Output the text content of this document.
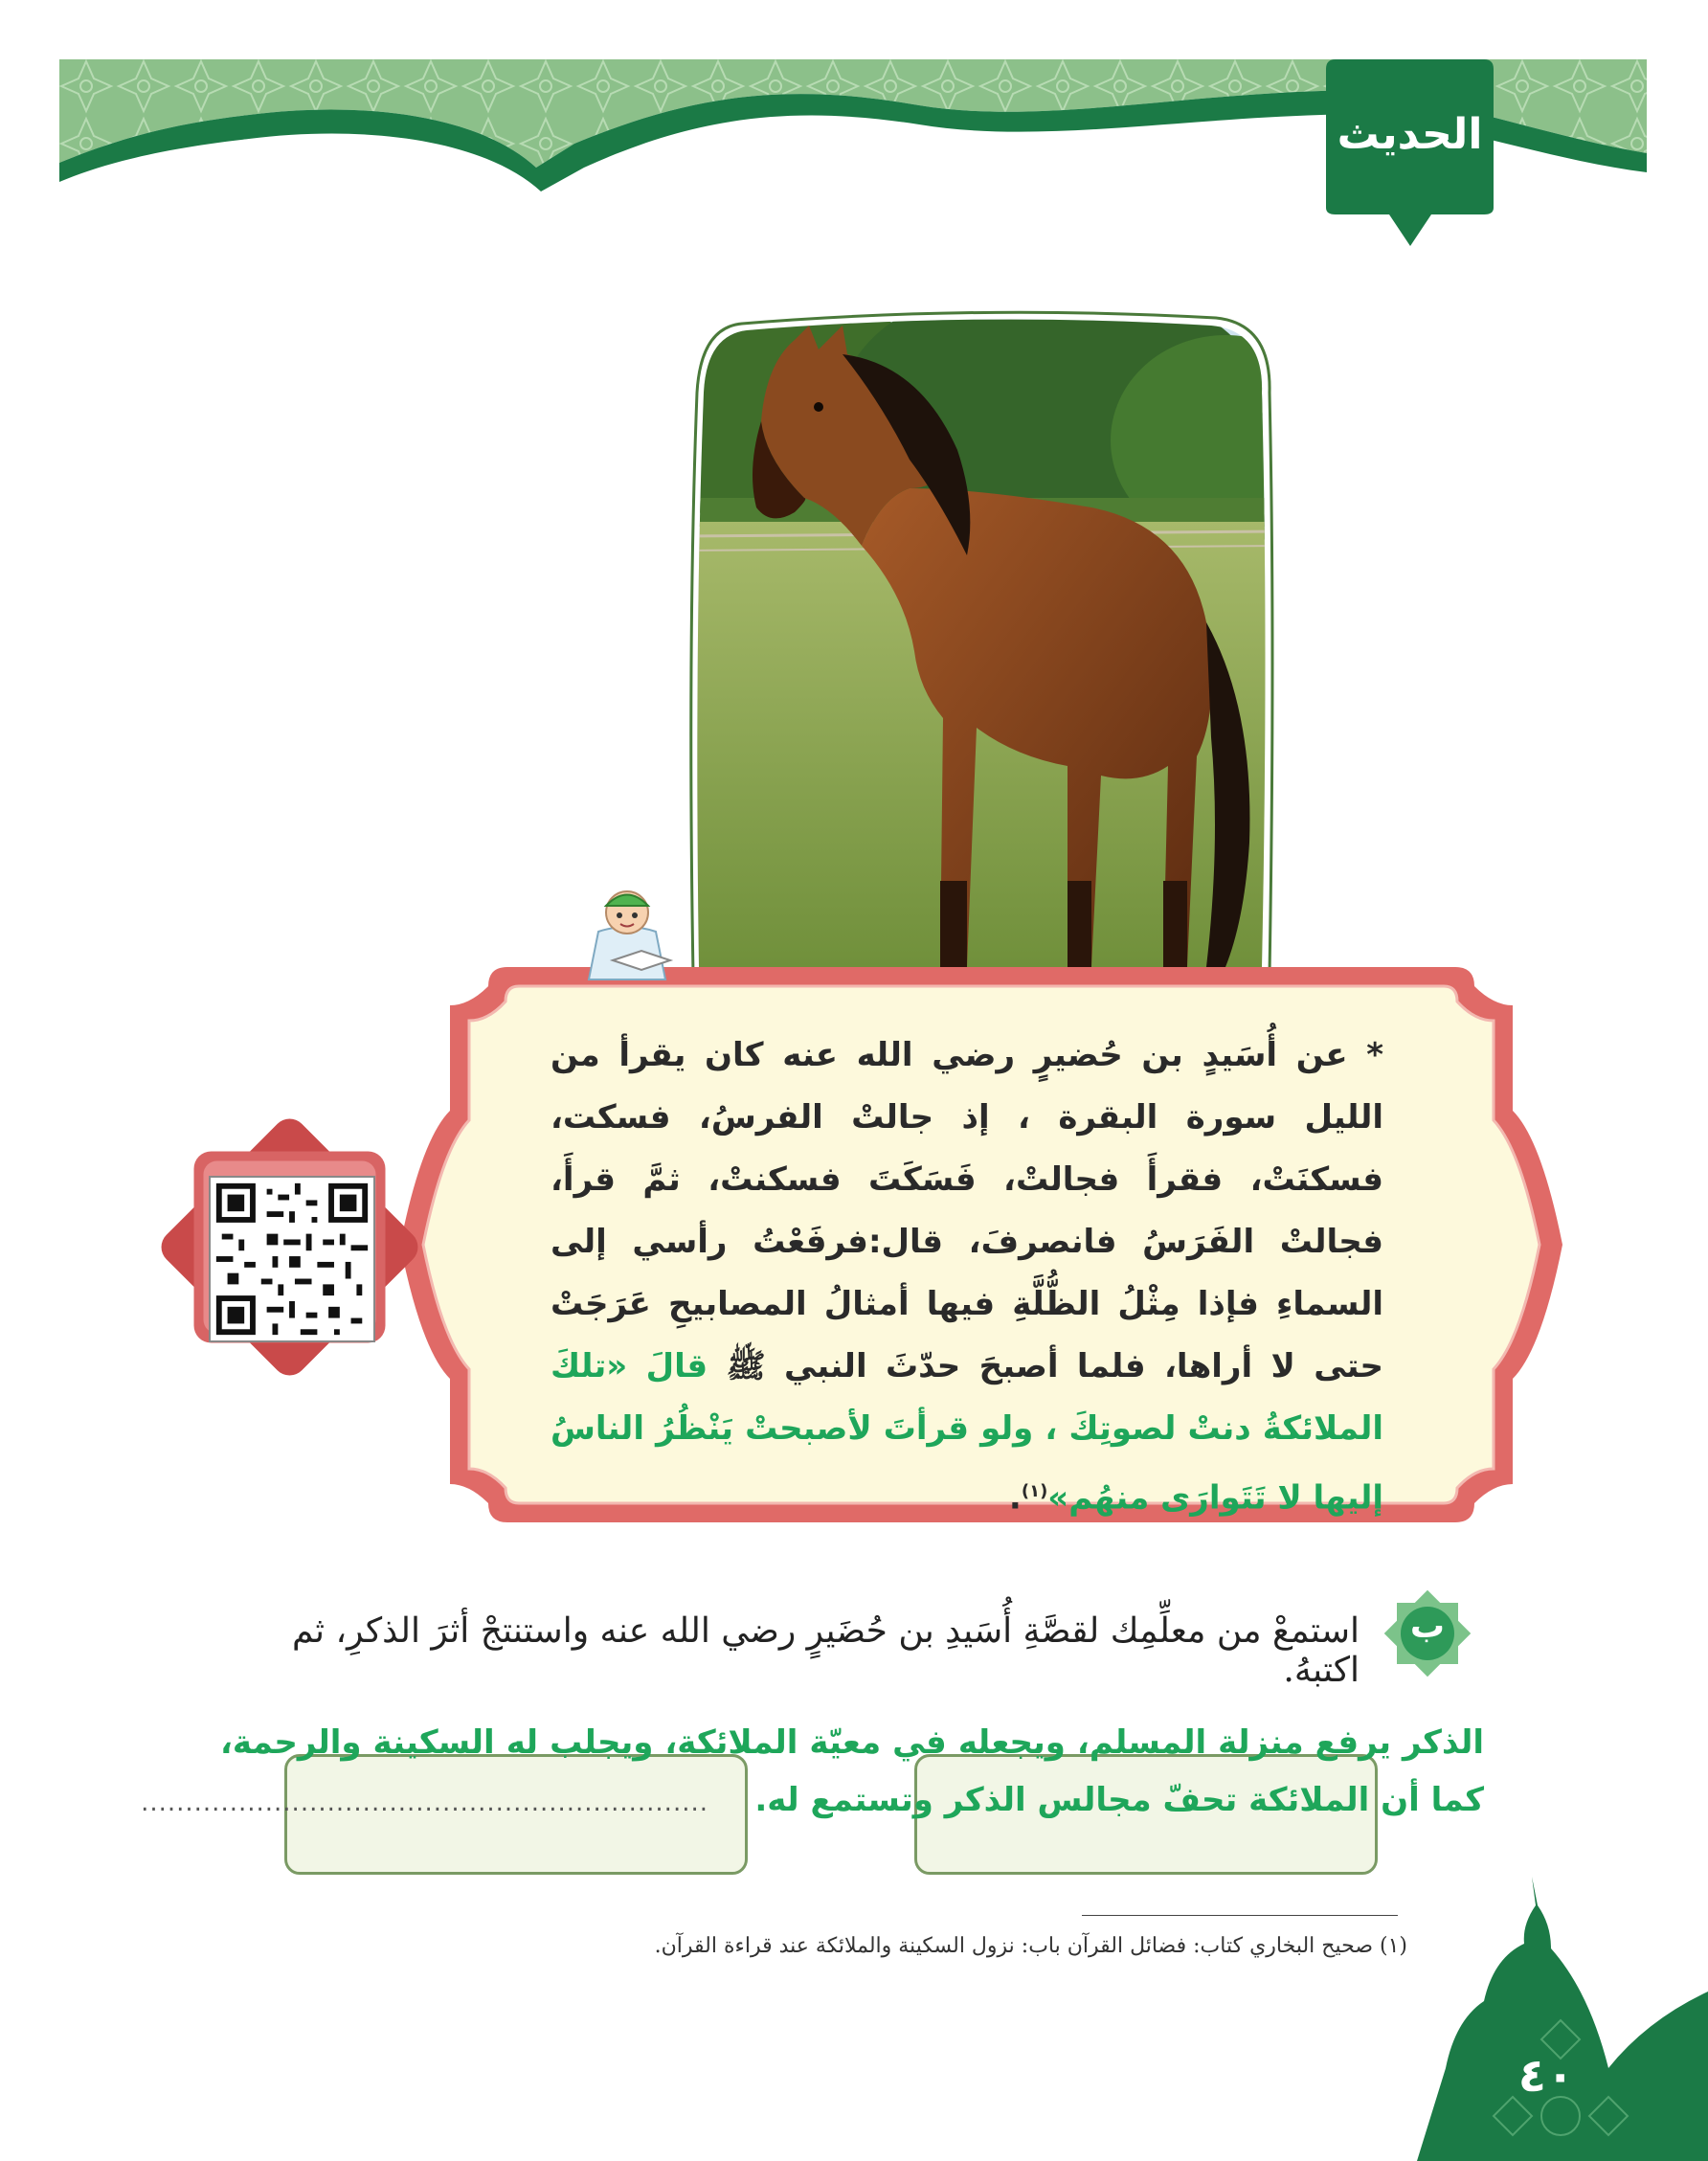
الحديث
* عن أُسَيدٍ بن حُضيرٍ رضي الله عنه كان يقرأ من الليل سورة البقرة ، إذ جالتْ الفرسُ، فسكت، فسكنَتْ، فقرأَ فجالتْ، فَسَكَتَ فسكنتْ، ثمَّ قرأَ، فجالتْ الفَرَسُ فانصرفَ، قال:فرفَعْتُ رأسي إلى السماءِ فإذا مِثْلُ الظُّلَّةِ فيها أمثالُ المصابيحِ عَرَجَتْ حتى لا أراها، فلما أصبحَ حدّثَ النبي ﷺ قالَ «تلكَ الملائكةُ دنتْ لصوتِكَ ، ولو قرأتَ لأصبحتْ يَنْظُرُ الناسُ إليها لا تَتَوارَى منهُم»$^{(١)}$.
ب
استمعْ من معلِّمِك لقصَّةِ أُسَيدِ بن حُضَيرٍ رضي الله عنه واستنتجْ أثرَ الذكرِ، ثم اكتبهُ.
................................................................
الذكر يرفع منزلة المسلم، ويجعله في معيّة الملائكة، ويجلب له السكينة والرحمة، كما أن الملائكة تحفّ مجالس الذكر وتستمع له.
(١) صحيح البخاري كتاب: فضائل القرآن باب: نزول السكينة والملائكة عند قراءة القرآن.
٤٠
